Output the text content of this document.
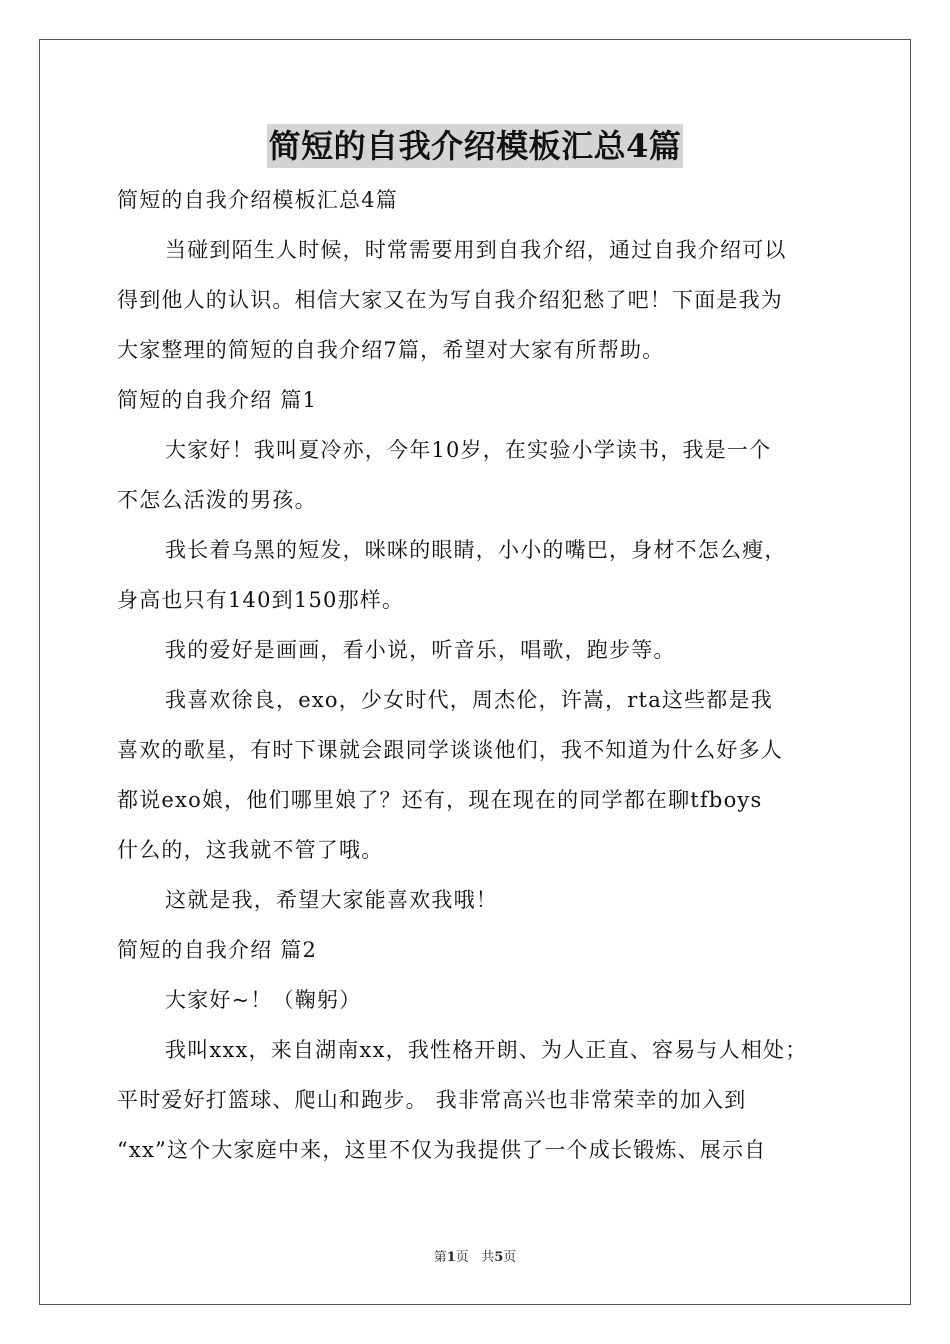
简短的自我介绍模板汇总4篇
简短的自我介绍模板汇总4篇
当碰到陌生人时候，时常需要用到自我介绍，通过自我介绍可以
得到他人的认识。相信大家又在为写自我介绍犯愁了吧！下面是我为
大家整理的简短的自我介绍7篇，希望对大家有所帮助。
简短的自我介绍 篇1
大家好！我叫夏冷亦，今年10岁，在实验小学读书，我是一个
不怎么活泼的男孩。
我长着乌黑的短发，咪咪的眼睛，小小的嘴巴，身材不怎么瘦，
身高也只有140到150那样。
我的爱好是画画，看小说，听音乐，唱歌，跑步等。
我喜欢徐良，exo，少女时代，周杰伦，许嵩，rta这些都是我
喜欢的歌星，有时下课就会跟同学谈谈他们，我不知道为什么好多人
都说exo娘，他们哪里娘了？还有，现在现在的同学都在聊tfboys
什么的，这我就不管了哦。
这就是我，希望大家能喜欢我哦！
简短的自我介绍 篇2
大家好~！（鞠躬）
我叫xxx，来自湖南xx，我性格开朗、为人正直、容易与人相处；
平时爱好打篮球、爬山和跑步。 我非常高兴也非常荣幸的加入到
“xx”这个大家庭中来，这里不仅为我提供了一个成长锻炼、展示自
第1页 共5页
